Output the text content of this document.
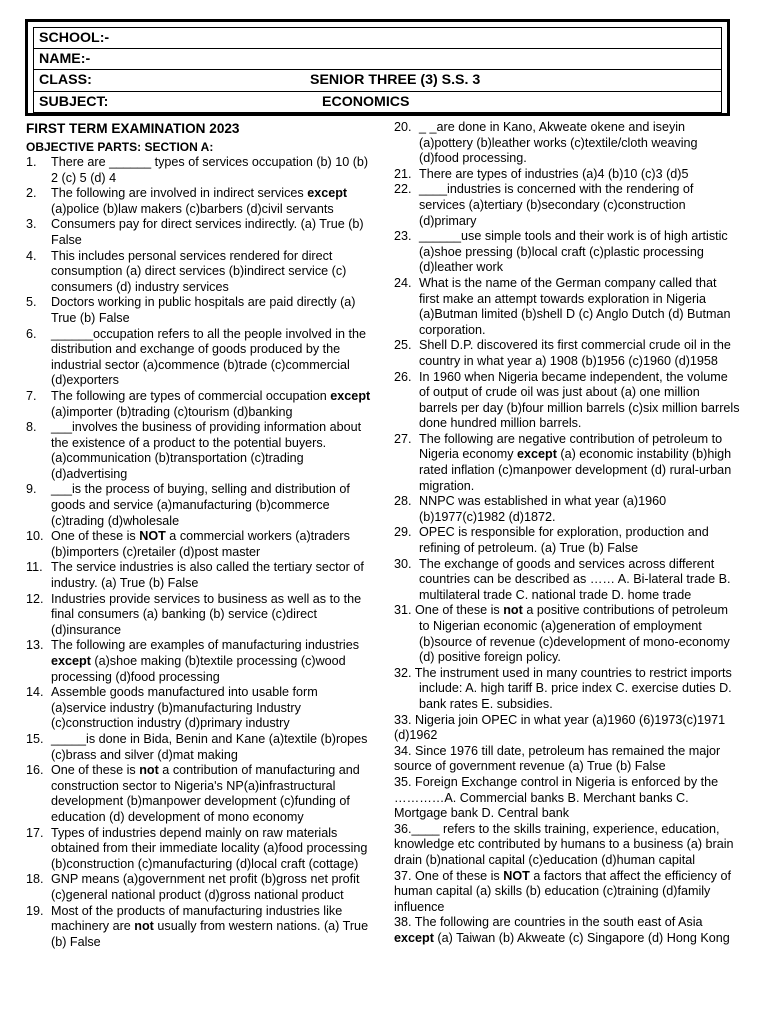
SCHOOL:-
NAME:-
CLASS:	SENIOR THREE (3) S.S. 3
SUBJECT:	ECONOMICS
FIRST TERM EXAMINATION 2023
OBJECTIVE PARTS: SECTION A:
1.	There are ______ types of services occupation (b) 10 (b) 2 (c) 5 (d) 4
2.	The following are involved in indirect services except (a)police (b)law makers (c)barbers (d)civil servants
3.	Consumers pay for direct services indirectly. (a) True (b) False
4.	This includes personal services rendered for direct consumption (a) direct services (b)indirect service (c) consumers (d) industry services
5.	Doctors working in public hospitals are paid directly (a) True (b) False
6.	______occupation refers to all the people involved in the distribution and exchange of goods produced by the industrial sector (a)commence (b)trade (c)commercial (d)exporters
7.	The following are types of commercial occupation except (a)importer (b)trading (c)tourism (d)banking
8.	___involves the business of providing information about the existence of a product to the potential buyers. (a)communication (b)transportation (c)trading (d)advertising
9.	___is the process of buying, selling and distribution of goods and service (a)manufacturing (b)commerce (c)trading (d)wholesale
10. One of these is NOT a commercial workers (a)traders (b)importers (c)retailer (d)post master
11. The service industries is also called the tertiary sector of industry. (a) True (b) False
12. Industries provide services to business as well as to the final consumers (a) banking (b) service (c)direct (d)insurance
13. The following are examples of manufacturing industries except (a)shoe making (b)textile processing (c)wood processing (d)food processing
14. Assemble goods manufactured into usable form (a)service industry (b)manufacturing Industry (c)construction industry (d)primary industry
15. _____is done in Bida, Benin and Kane (a)textile (b)ropes (c)brass and silver (d)mat making
16. One of these is not a contribution of manufacturing and construction sector to Nigeria's NP(a)infrastructural development (b)manpower development (c)funding of education (d) development of mono economy
17. Types of industries depend mainly on raw materials obtained from their immediate locality (a)food processing (b)construction (c)manufacturing (d)local craft (cottage)
18. GNP means (a)government net profit (b)gross net profit (c)general national product (d)gross national product
19. Most of the products of manufacturing industries like machinery are not usually from western nations. (a) True (b) False
20. _ _are done in Kano, Akweate okene and iseyin (a)pottery (b)leather works (c)textile/cloth weaving (d)food processing.
21. There are types of industries (a)4 (b)10 (c)3 (d)5
22. ____industries is concerned with the rendering of services (a)tertiary (b)secondary (c)construction (d)primary
23. ______use simple tools and their work is of high artistic (a)shoe pressing (b)local craft (c)plastic processing (d)leather work
24. What is the name of the German company called that first make an attempt towards exploration in Nigeria (a)Butman limited (b)shell D (c) Anglo Dutch (d) Butman corporation.
25. Shell D.P. discovered its first commercial crude oil in the country in what year a) 1908 (b)1956 (c)1960 (d)1958
26. In 1960 when Nigeria became independent, the volume of output of crude oil was just about (a) one million barrels per day (b)four million barrels (c)six million barrels done hundred million barrels.
27. The following are negative contribution of petroleum to Nigeria economy except (a) economic instability (b)high rated inflation (c)manpower development (d) rural-urban migration.
28. NNPC was established in what year (a)1960 (b)1977(c)1982 (d)1872.
29. OPEC is responsible for exploration, production and refining of petroleum. (a) True (b) False
30. The exchange of goods and services across different countries can be described as …… A. Bi-lateral trade B. multilateral trade C. national trade D. home trade
31. One of these is not a positive contributions of petroleum to Nigerian economic (a)generation of employment (b)source of revenue (c)development of mono-economy (d) positive foreign policy.
32. The instrument used in many countries to restrict imports include: A. high tariff B. price index C. exercise duties D. bank rates E. subsidies.
33. Nigeria join OPEC in what year (a)1960 (6)1973(c)1971 (d)1962
34. Since 1976 till date, petroleum has remained the major source of government revenue (a) True (b) False
35. Foreign Exchange control in Nigeria is enforced by the …………A. Commercial banks B. Merchant banks C. Mortgage bank D. Central bank
36.____ refers to the skills training, experience, education, knowledge etc contributed by humans to a business (a) brain drain (b)national capital (c)education (d)human capital
37. One of these is NOT a factors that affect the efficiency of human capital (a) skills (b) education (c)training (d)family influence
38. The following are countries in the south east of Asia except (a) Taiwan (b) Akweate (c) Singapore (d) Hong Kong
